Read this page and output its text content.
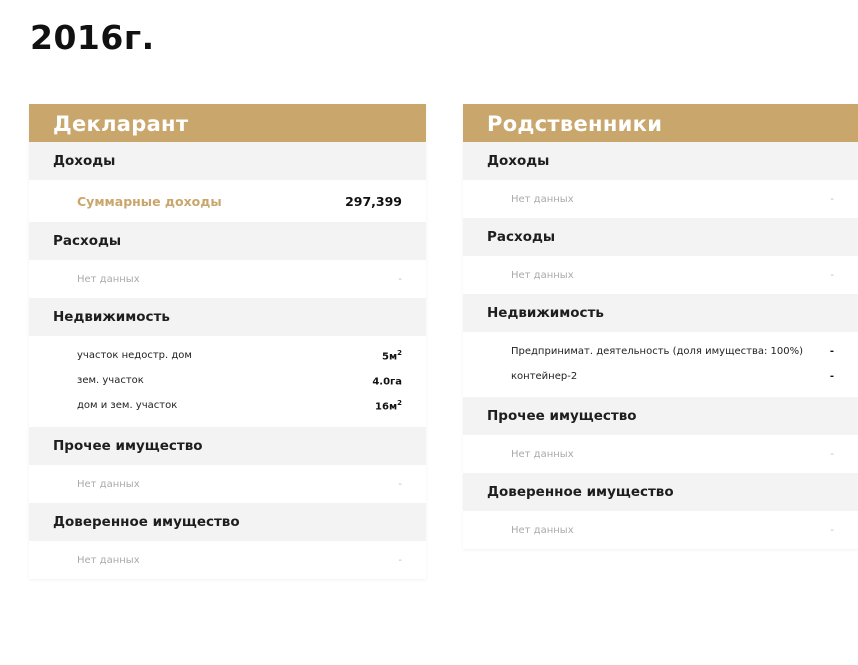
2016г.
Декларант
Доходы
Суммарные доходы	297,399
Расходы
Нет данных	-
Недвижимость
участок недостр. дом	$5м^2$
зем. участок	4.0га
дом и зем. участок	$16м^2$
Прочее имущество
Нет данных	-
Доверенное имущество
Нет данных	-
Родственники
Доходы
Нет данных	-
Расходы
Нет данных	-
Недвижимость
Предпринимат. деятельность (доля имущества: 100%)	-
контейнер-2	-
Прочее имущество
Нет данных	-
Доверенное имущество
Нет данных	-
